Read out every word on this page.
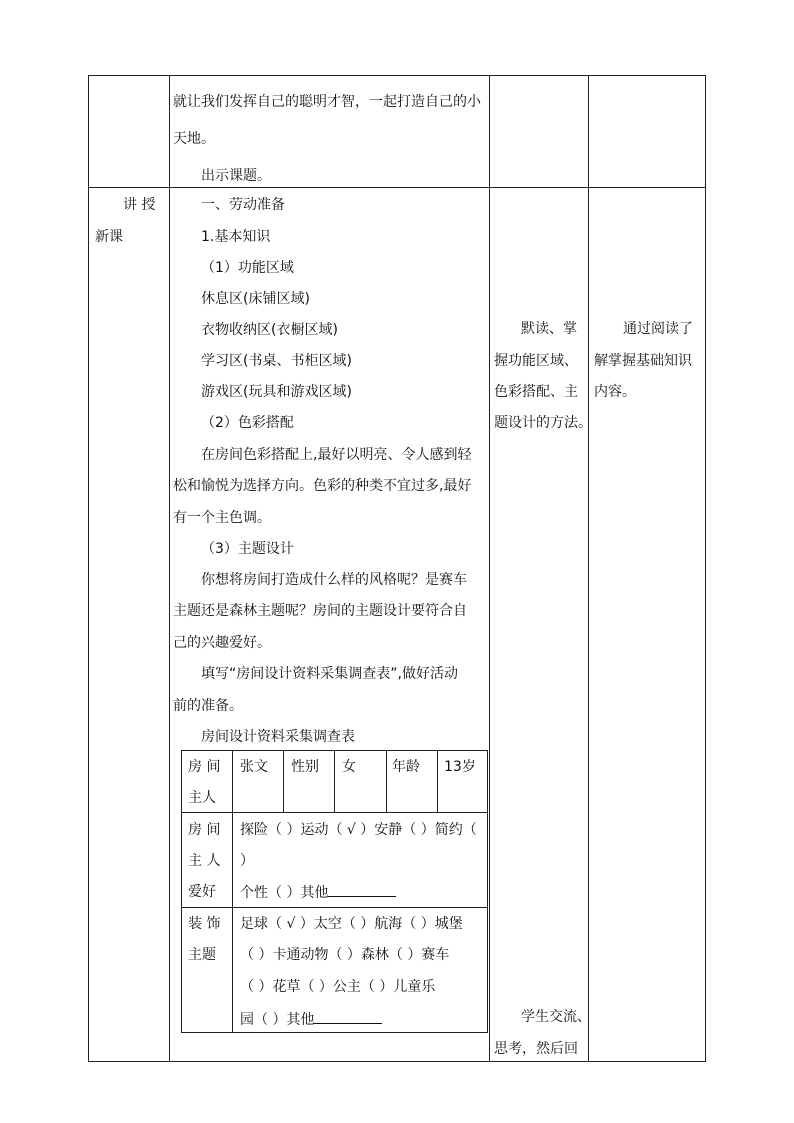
就让我们发挥自己的聪明才智，一起打造自己的小
天地。
出示课题。
讲 授
新课
一、劳动准备
1.基本知识
（1）功能区域
休息区(床铺区域)
衣物收纳区(衣橱区域)
学习区(书桌、书柜区域)
游戏区(玩具和游戏区域)
（2）色彩搭配
在房间色彩搭配上,最好以明亮、令人感到轻
松和愉悦为选择方向。色彩的种类不宜过多,最好
有一个主色调。
（3）主题设计
你想将房间打造成什么样的风格呢？是赛车
主题还是森林主题呢？房间的主题设计要符合自
己的兴趣爱好。
填写“房间设计资料采集调查表”,做好活动
前的准备。
房间设计资料采集调查表
房 间
主人
张文 性别 女	年龄 13岁
房 间
主 人
爱好
探险（ ）运动（ √ ）安静（ ）简约（
）
个性（ ）其他
装 饰
主题
足球（ √ ）太空（ ）航海（ ）城堡
（ ）卡通动物（ ）森林（ ）赛车
（ ）花草（ ）公主（ ）儿童乐
园（ ）其他
默读、掌
握功能区域、
色彩搭配、主
题设计的方法。
学生交流、
思考，然后回
通过阅读了
解掌握基础知识
内容。
